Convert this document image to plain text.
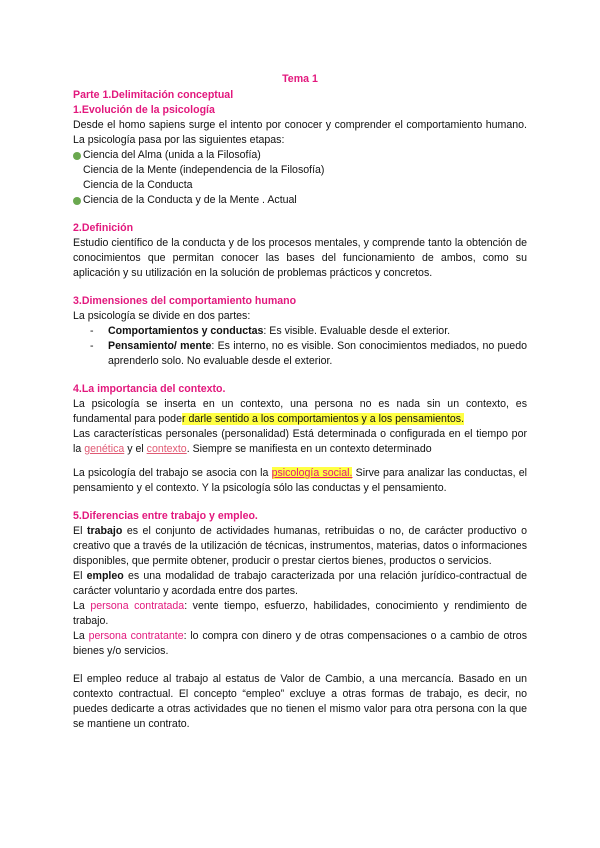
Tema 1

Parte 1.Delimitación conceptual

1.Evolución de la psicología

Desde el homo sapiens surge el intento por conocer y comprender el comportamiento humano. La psicología pasa por las siguientes etapas:

Ciencia del Alma (unida a la Filosofía)
Ciencia de la Mente (independencia de la Filosofía)
Ciencia de la Conducta
Ciencia de la Conducta y de la Mente . Actual

2.Definición

Estudio científico de la conducta y de los procesos mentales, y comprende tanto la obtención de conocimientos que permitan conocer las bases del funcionamiento de ambos, como su aplicación y su utilización en la solución de problemas prácticos y concretos.

3.Dimensiones del comportamiento humano

La psicología se divide en dos partes:

-	Comportamientos y conductas: Es visible. Evaluable desde el exterior.
-	Pensamiento/ mente: Es interno, no es visible. Son conocimientos mediados, no puedo aprenderlo solo. No evaluable desde el exterior.

4.La importancia del contexto.

La psicología se inserta en un contexto, una persona no es nada sin un contexto, es fundamental para poder darle sentido a los comportamientos y a los pensamientos.

Las características personales (personalidad) Está determinada o configurada en el tiempo por la genética y el contexto. Siempre se manifiesta en un contexto determinado

La psicología del trabajo se asocia con la psicología social. Sirve para analizar las conductas, el pensamiento y el contexto. Y la psicología sólo las conductas y el pensamiento.

5.Diferencias entre trabajo y empleo.

El trabajo es el conjunto de actividades humanas, retribuidas o no, de carácter productivo o creativo que a través de la utilización de técnicas, instrumentos, materias, datos o informaciones disponibles, que permite obtener, producir o prestar ciertos bienes, productos o servicios.

El empleo es una modalidad de trabajo caracterizada por una relación jurídico-contractual de carácter voluntario y acordada entre dos partes.

La persona contratada: vente tiempo, esfuerzo, habilidades, conocimiento y rendimiento de trabajo.

La persona contratante: lo compra con dinero y de otras compensaciones o a cambio de otros bienes y/o servicios.

El empleo reduce al trabajo al estatus de Valor de Cambio, a una mercancía. Basado en un contexto contractual. El concepto “empleo” excluye a otras formas de trabajo, es decir, no puedes dedicarte a otras actividades que no tienen el mismo valor para otra persona con la que se mantiene un contrato.
